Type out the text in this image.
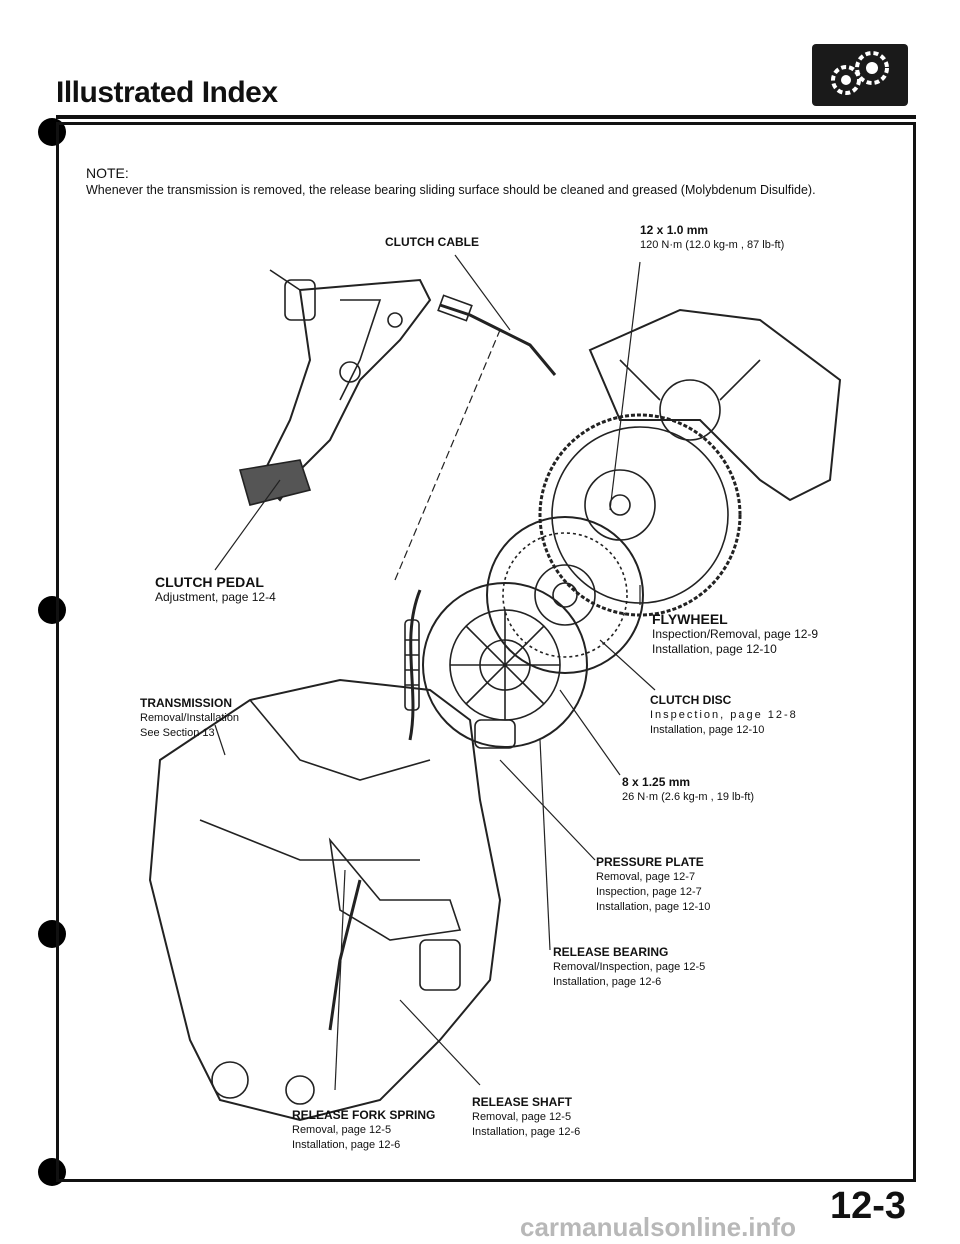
Illustrated Index
NOTE:
Whenever the transmission is removed, the release bearing sliding surface should be cleaned and greased (Molybdenum Disulfide).
CLUTCH CABLE
12 x 1.0 mm
120 N·m (12.0 kg-m , 87 lb-ft)
CLUTCH PEDAL
Adjustment, page 12-4
FLYWHEEL
Inspection/Removal, page 12-9
Installation, page 12-10
TRANSMISSION
Removal/Installation
See Section 13
CLUTCH DISC
Inspection, page 12-8
Installation, page 12-10
8 x 1.25 mm
26 N·m (2.6 kg-m , 19 lb-ft)
PRESSURE PLATE
Removal, page 12-7
Inspection, page 12-7
Installation, page 12-10
RELEASE BEARING
Removal/Inspection, page 12-5
Installation, page 12-6
RELEASE FORK SPRING
Removal, page 12-5
Installation, page 12-6
RELEASE SHAFT
Removal, page 12-5
Installation, page 12-6
carmanualsonline.info 12-3
